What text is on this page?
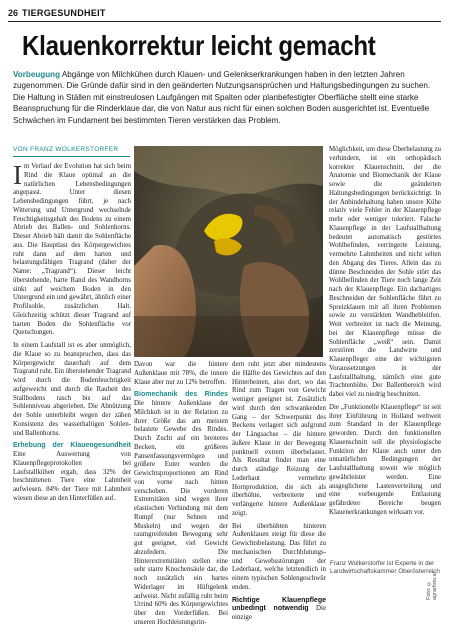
26 TIERGESUNDHEIT
Klauenkorrektur leicht gemacht
Vorbeugung Abgänge von Milchkühen durch Klauen- und Gelenkserkrankungen haben in den letzten Jahren zugenommen. Die Gründe dafür sind in den geänderten Nutzungsansprüchen und Haltungsbedingungen zu suchen. Die Haltung in Ställen mit einstreulosen Laufgängen mit Spalten oder planbefestigter Oberfläche stellt eine starke Beanspruchung für die Rinderklaue dar, die von Natur aus nicht für einen solchen Boden ausgerichtet ist. Eventuelle Schwächen im Fundament bei bestimmten Tieren verstärken das Problem.
VON FRANZ WOLKERSTORFER

Im Verlauf der Evolution hat sich beim Rind die Klaue optimal an die natürlichen Lebensbedingungen angepasst. Unter diesen Lebensbedingungen führt, je nach Witterung und Untergrund wechselnde Feuchtigkeitsgehalt des Bodens zu einem Abrieb des Ballen- und Sohlenhorns. Dieser Abrieb hält damit die Sohlenfläche aus. Die Hauptlast des Körpergewichtes ruht dann auf dem harten und belastungsfähigen Tragrand (daher der Name: „Tragrand“). Dieser leicht überstehende, harte Rand des Wandhorns sinkt auf weichem Boden in den Untergrund ein und gewährt, ähnlich einer Profilsohle, zusätzlichen Halt. Gleichzeitig schützt dieser Tragrand auf harten Boden die Sohlenfläche vor Quetschungen.

In einem Laufstall ist es aber unmöglich, die Klaue so zu beanspruchen, dass das Körpergewicht dauerhaft auf dem Tragrand ruht. Ein überstehender Tragrand wird durch die Bodenfeuchtigkeit aufgeweicht und durch die Rauheit des Stallbodens rasch bis auf das Sohlenniveau abgerieben. Die Abnützung der Sohle unterbleibt wegen der zähen Konsistenz des wasserhaltigen Sohlen- und Ballenhorns.

Erhebung der Klauengesundheit Eine Auswertung von Klauenpflegeprotokollen bei Laufstallkühen ergab, dass 32% der beschnittenen Tiere eine Lahmheit aufwiesen. 84% der Tiere mit Lahmheit wiesen diese an den Hinterfüßen auf.

Davon war die hintere Außenklaue mit 78%, die innere Klaue aber nur zu 12% betroffen.

Biomechanik des Rindes Die hintere Außenklaue der Milchkuh ist in der Relation zu ihrer Größe das am meisten belastete Gewebe des Rindes. Durch Zucht auf ein breiteres Becken, ein größeres Pansenfassungsvermögen und größere Euter wurden die Gewichtsproportionen am Rind von vorne nach hinten verschoben. Die vorderen Extremitäten sind wegen ihrer elastischen Verbindung mit dem Rumpf (nur Sehnen und Muskeln) und wegen der raumgreifenden Bewegung sehr gut geeignet, viel Gewicht abzufedern. Die Hinterextremitäten stellen eine sehr starre Knochensäule dar, die noch zusätzlich ein hartes Widerlager im Hüftgelenk aufweist. Nicht zufällig ruht beim Urrind 60% des Körpergewichtes über den Vorderfüßen. Bei unseren Hochleistungsrin-

dern ruht jetzt aber mindestens die Hälfte des Gewichtes auf den Hinterbeinen, also dort, wo das Rind zum Tragen von Gewicht weniger geeignet ist. Zusätzlich wird durch den schwankenden Gang – der Schwerpunkt des Beckens verlagert sich aufgrund der Längsachse – die hintere äußere Klaue in der Bewegung punktuell extrem überbelastet. Als Resultat findet man eine durch ständige Reizung der Lederhaut vermehrte Hornproduktion, die sich als überhöhte, verbreiterte und verlängerte hintere Außenklaue zeigt.

Bei überhöhten hinteren Außenklauen steigt für diese die Gewichtsbelastung. Das führt zu mechanischen Durchblutungs- und Gewebsstörungen der Lederhaut, welche letztendlich in einem typischen Sohlengeschwür enden.

Richtige Klauenpflege unbedingt notwendig Die einzige

Möglichkeit, um diese Überbelastung zu verhindern, ist ein orthopädisch korrekter Klauenschnitt, der die Anatomie und Biomechanik der Klaue sowie die geänderten Haltungsbedingungen berücksichtigt. In der Anbindehaltung haben unsere Kühe relativ viele Fehler in der Klauenpflege mehr oder weniger toleriert. Falsche Klauenpflege in der Laufstallhaltung bedeutet automatisch gestörtes Wohlbefinden, verringerte Leistung, vermehrte Lahmheiten und nicht selten den Abgang des Tieres. Allein das zu dünne Beschneiden der Sohle stört das Wohlbefinden der Tiere noch lange Zeit nach der Klauenpflege. Ein dachartiges Beschneiden der Sohlenfläche führt zu Spreizklauen mit all ihren Problemen sowie zu verstärkten Wandhebleitfen. Weit verbreitet ist nach die Meinung, bei der Klauenpflege müsse die Sohlenfläche „weiß“ sein. Damit zerstören die Landwirte und Klauenpfleger eine der wichtigsten Voraussetzungen in der Laufstallhaltung, nämlich eine gute Trachtenhöhe. Der Ballenbereich wird dabei viel zu niedrig beschnitten.

Die „Funktionelle Klauenpflege“ ist seit ihrer Einführung in Holland weltweit zum Standard in der Klauenpflege geworden. Durch den funktionellen Klauenschnitt soll die physiologische Funktion der Klaue auch unter den unnatürlichen Bedingungen der Laufstallhaltung soweit wie möglich gewährleistet werden. Eine ausgeglichene Lastenverteilung und eine vorbeugende Entlastung gefährdeter Bereiche beugen Klauenerkrankungen wirksam vor.

Franz Wolkerstorfer ist Experte in der Landwirtschaftskammer Oberösterreich
Foto: © agrarfoto.at
